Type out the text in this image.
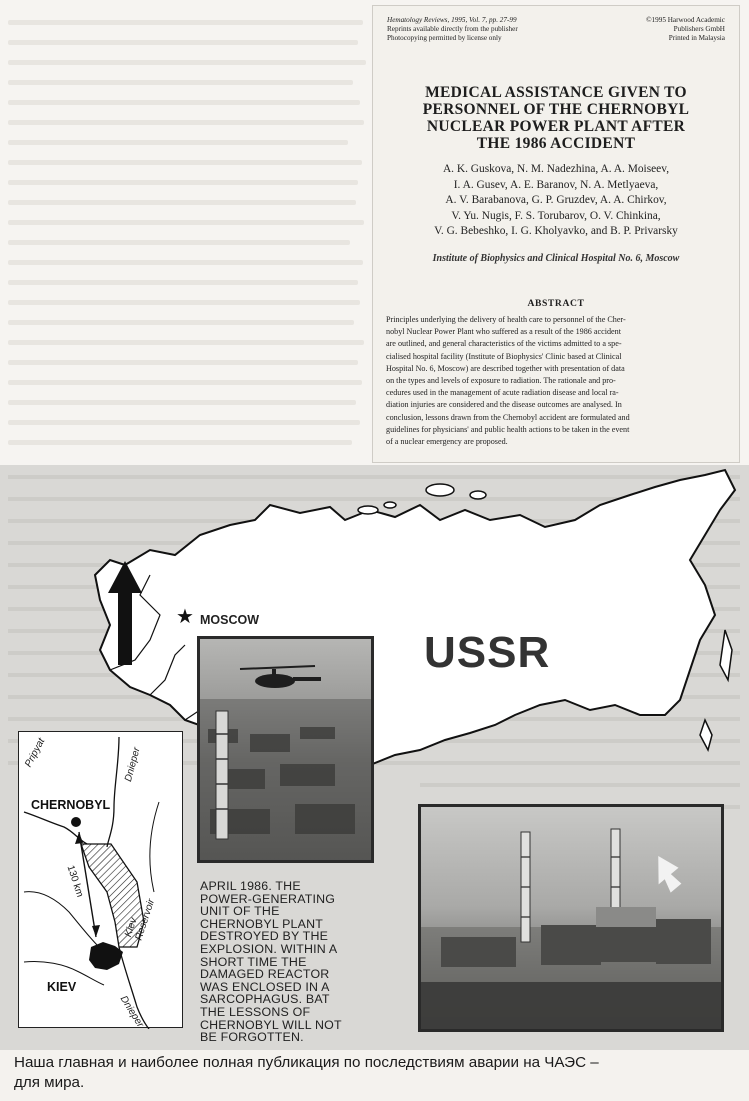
Hematology Reviews, 1995, Vol. 7, pp. 27-99
Reprints available directly from the publisher
Photocopying permitted by license only
©1995 Harwood Academic
Publishers GmbH
Printed in Malaysia
MEDICAL ASSISTANCE GIVEN TO
PERSONNEL OF THE CHERNOBYL
NUCLEAR POWER PLANT AFTER
THE 1986 ACCIDENT
A. K. Guskova, N. M. Nadezhina, A. A. Moiseev,
I. A. Gusev, A. E. Baranov, N. A. Metlyaeva,
A. V. Barabanova, G. P. Gruzdev, A. A. Chirkov,
V. Yu. Nugis, F. S. Torubarov, O. V. Chinkina,
V. G. Bebeshko, I. G. Kholyavko, and B. P. Privarsky
Institute of Biophysics and Clinical Hospital No. 6, Moscow
ABSTRACT
Principles underlying the delivery of health care to personnel of the Cher-
nobyl Nuclear Power Plant who suffered as a result of the 1986 accident
are outlined, and general characteristics of the victims admitted to a spe-
cialised hospital facility (Institute of Biophysics' Clinic based at Clinical
Hospital No. 6, Moscow) are described together with presentation of data
on the types and levels of exposure to radiation. The rationale and pro-
cedures used in the management of acute radiation disease and local ra-
diation injuries are considered and the disease outcomes are analysed. In
conclusion, lessons drawn from the Chernobyl accident are formulated and
guidelines for physicians' and public health actions to be taken in the event
of a nuclear emergency are proposed.
★ MOSCOW
USSR
CHERNOBYL
KIEV
Pripyat	Dnieper
Kiev Reservoir
Dnieper
130 km	APRIL 1986. THE
POWER-GENERATING
UNIT OF THE
CHERNOBYL PLANT
DESTROYED BY THE
EXPLOSION. WITHIN A
SHORT TIME THE
DAMAGED REACTOR
WAS ENCLOSED IN A
SARCOPHAGUS. BAT
THE LESSONS OF
CHERNOBYL WILL NOT
BE FORGOTTEN.
Наша главная и наиболее полная публикация по последствиям аварии на ЧАЭС –
для мира.
